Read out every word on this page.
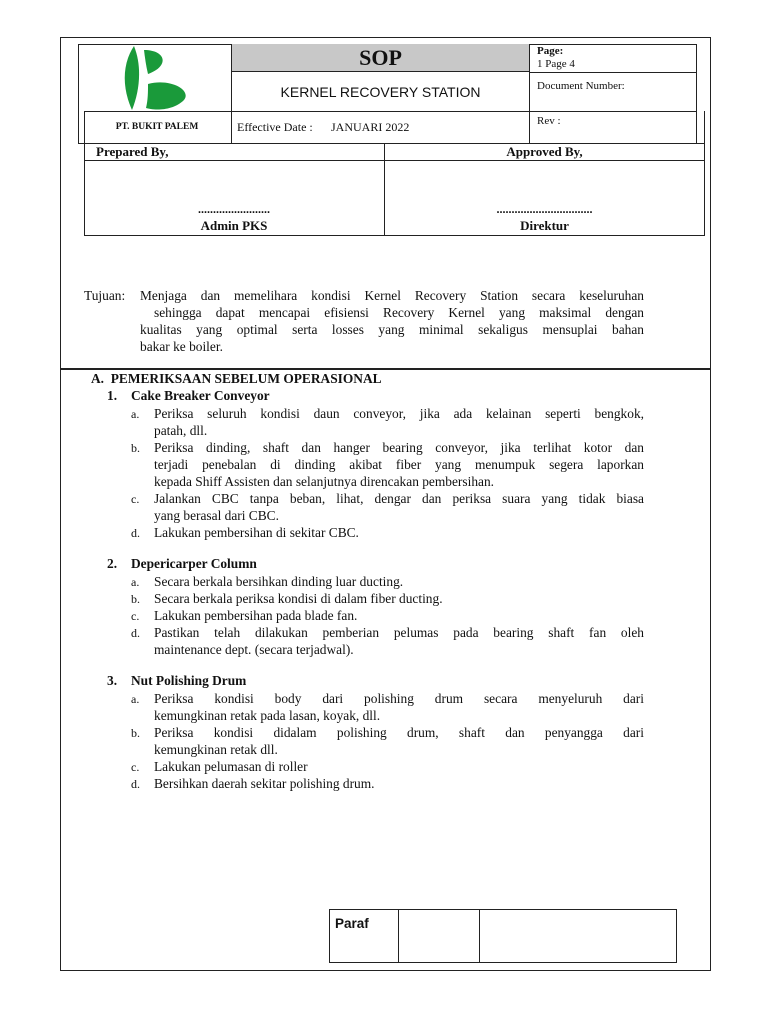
PT. BUKIT PALEM
SOP
KERNEL RECOVERY STATION
Effective Date : JANUARI 2022
Page:
1 Page 4
Document Number:
Rev :
Prepared By,	Approved By,
........................	................................
Admin PKS	Direktur
Tujuan: Menjaga dan memelihara kondisi Kernel Recovery Station secara keseluruhan
sehingga dapat mencapai efisiensi Recovery Kernel yang maksimal dengan
kualitas yang optimal serta losses yang minimal sekaligus mensuplai bahan
bakar ke boiler.
A.  PEMERIKSAAN SEBELUM OPERASIONAL
1. Cake Breaker Conveyor
a. Periksa seluruh kondisi daun conveyor, jika ada kelainan seperti bengkok,
patah, dll.
b. Periksa dinding, shaft dan hanger bearing conveyor, jika terlihat kotor dan
terjadi penebalan di dinding akibat fiber yang menumpuk segera laporkan
kepada Shiff Assisten dan selanjutnya direncakan pembersihan.
c. Jalankan CBC tanpa beban, lihat, dengar dan periksa suara yang tidak biasa
yang berasal dari CBC.
d. Lakukan pembersihan di sekitar CBC.
2. Depericarper Column
a. Secara berkala bersihkan dinding luar ducting.
b. Secara berkala periksa kondisi di dalam fiber ducting.
c. Lakukan pembersihan pada blade fan.
d. Pastikan telah dilakukan pemberian pelumas pada bearing shaft fan oleh
maintenance dept. (secara terjadwal).
3. Nut Polishing Drum
a. Periksa kondisi body dari polishing drum secara menyeluruh dari
kemungkinan retak pada lasan, koyak, dll.
b. Periksa kondisi didalam polishing drum, shaft dan penyangga dari
kemungkinan retak dll.
c. Lakukan pelumasan di roller
d. Bersihkan daerah sekitar polishing drum.
Paraf
